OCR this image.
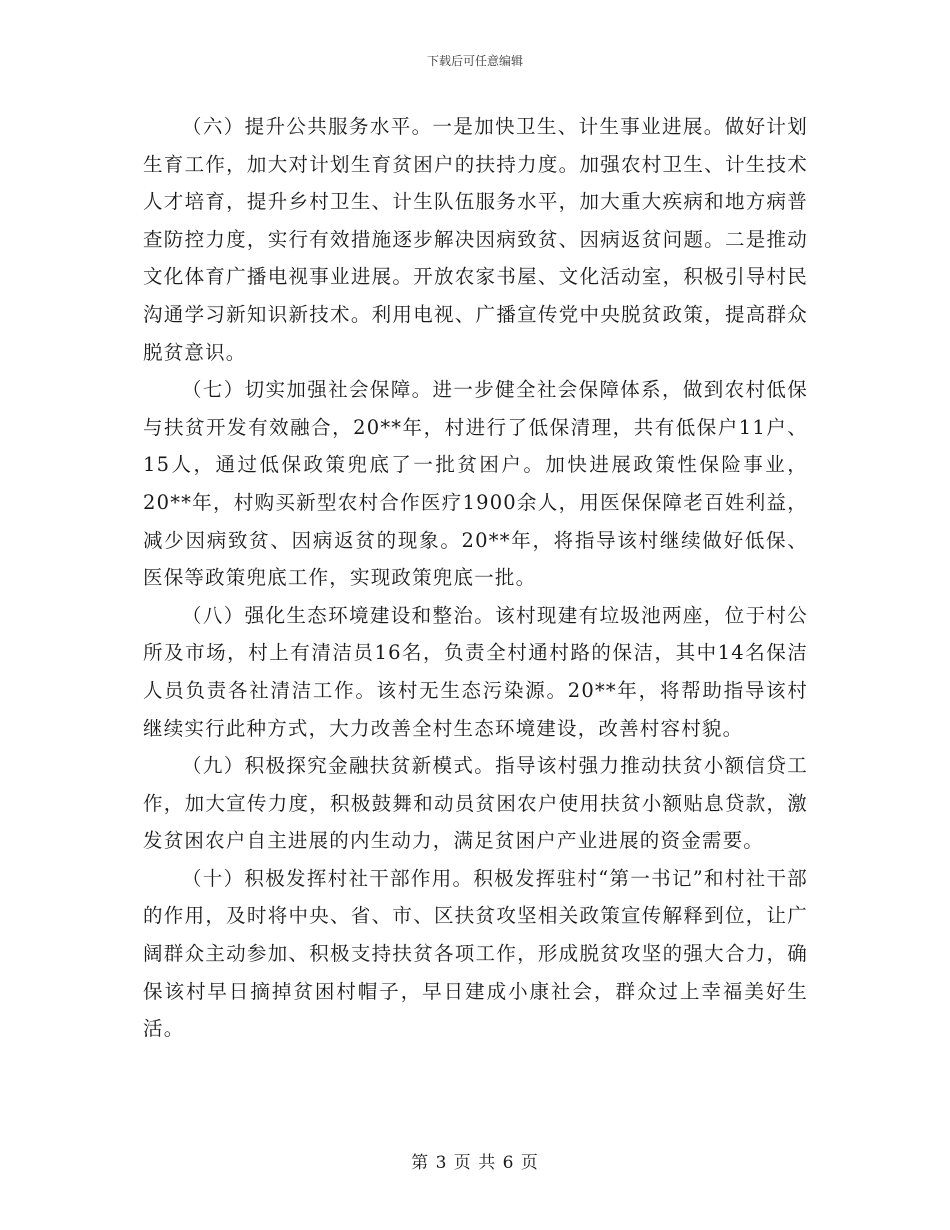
下载后可任意编辑

（六）提升公共服务水平。一是加快卫生、计生事业进展。做好计划生育工作，加大对计划生育贫困户的扶持力度。加强农村卫生、计生技术人才培育，提升乡村卫生、计生队伍服务水平，加大重大疾病和地方病普查防控力度，实行有效措施逐步解决因病致贫、因病返贫问题。二是推动文化体育广播电视事业进展。开放农家书屋、文化活动室，积极引导村民沟通学习新知识新技术。利用电视、广播宣传党中央脱贫政策，提高群众脱贫意识。

（七）切实加强社会保障。进一步健全社会保障体系，做到农村低保与扶贫开发有效融合，20**年，村进行了低保清理，共有低保户11户、15人，通过低保政策兜底了一批贫困户。加快进展政策性保险事业，20**年，村购买新型农村合作医疗1900余人，用医保保障老百姓利益，减少因病致贫、因病返贫的现象。20**年，将指导该村继续做好低保、医保等政策兜底工作，实现政策兜底一批。

（八）强化生态环境建设和整治。该村现建有垃圾池两座，位于村公所及市场，村上有清洁员16名，负责全村通村路的保洁，其中14名保洁人员负责各社清洁工作。该村无生态污染源。20**年，将帮助指导该村继续实行此种方式，大力改善全村生态环境建设，改善村容村貌。

（九）积极探究金融扶贫新模式。指导该村强力推动扶贫小额信贷工作，加大宣传力度，积极鼓舞和动员贫困农户使用扶贫小额贴息贷款，激发贫困农户自主进展的内生动力，满足贫困户产业进展的资金需要。

（十）积极发挥村社干部作用。积极发挥驻村“第一书记”和村社干部的作用，及时将中央、省、市、区扶贫攻坚相关政策宣传解释到位，让广阔群众主动参加、积极支持扶贫各项工作，形成脱贫攻坚的强大合力，确保该村早日摘掉贫困村帽子，早日建成小康社会，群众过上幸福美好生活。

第 3 页 共 6 页
